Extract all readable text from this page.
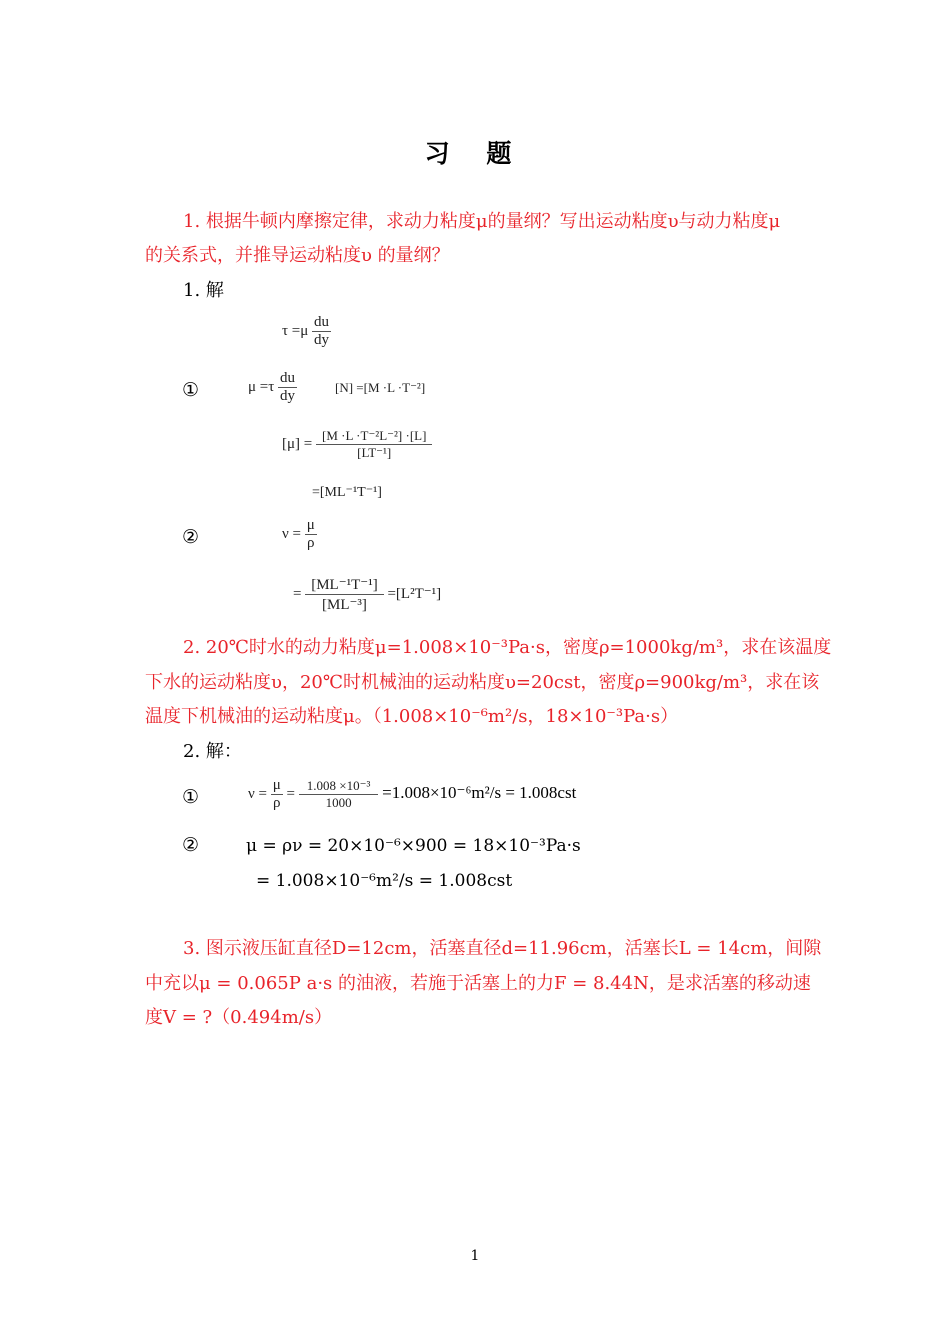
习 题
1. 根据牛顿内摩擦定律，求动力粘度μ的量纲？写出运动粘度υ与动力粘度μ
的关系式，并推导运动粘度υ 的量纲？
1. 解
$\tau =\mu \frac{du}{dy}$
①	$\mu =\tau \frac{du}{dy}$	[N] =[M ·L ·T⁻²]
$[\mu] = \frac{\text{[M ·L ·T⁻²L⁻²] ·[L]}}{\text{[LT⁻¹]}}$
=[ML⁻¹T⁻¹]
②	$\nu = \frac{\mu}{\rho}$
= $\frac{\text{[ML⁻¹T⁻¹]}}{\text{[ML⁻³]}} =[L^2T^{-1}]$
2. 20℃时水的动力粘度μ=1.008×10⁻³Pa·s，密度ρ=1000kg/m³，求在该温度
下水的运动粘度υ，20℃时机械油的运动粘度υ=20cst，密度ρ=900kg/m³，求在该
温度下机械油的运动粘度μ。（1.008×10⁻⁶m²/s，18×10⁻³Pa·s）
2. 解：
①	$\nu = \frac{\mu}{\rho} = \frac{\text{1.008 ×10⁻³}}{1000} =1.008\times 10^{-6}m^2/s = 1.008cst$
②	μ = ρν = 20×10⁻⁶×900 = 18×10⁻³Pa·s
= 1.008×10⁻⁶m²/s = 1.008cst
3. 图示液压缸直径D=12cm，活塞直径d=11.96cm，活塞长L = 14cm，间隙
中充以μ = 0.065P a·s 的油液，若施于活塞上的力F = 8.44N，是求活塞的移动速
度V = ?（0.494m/s）
1
